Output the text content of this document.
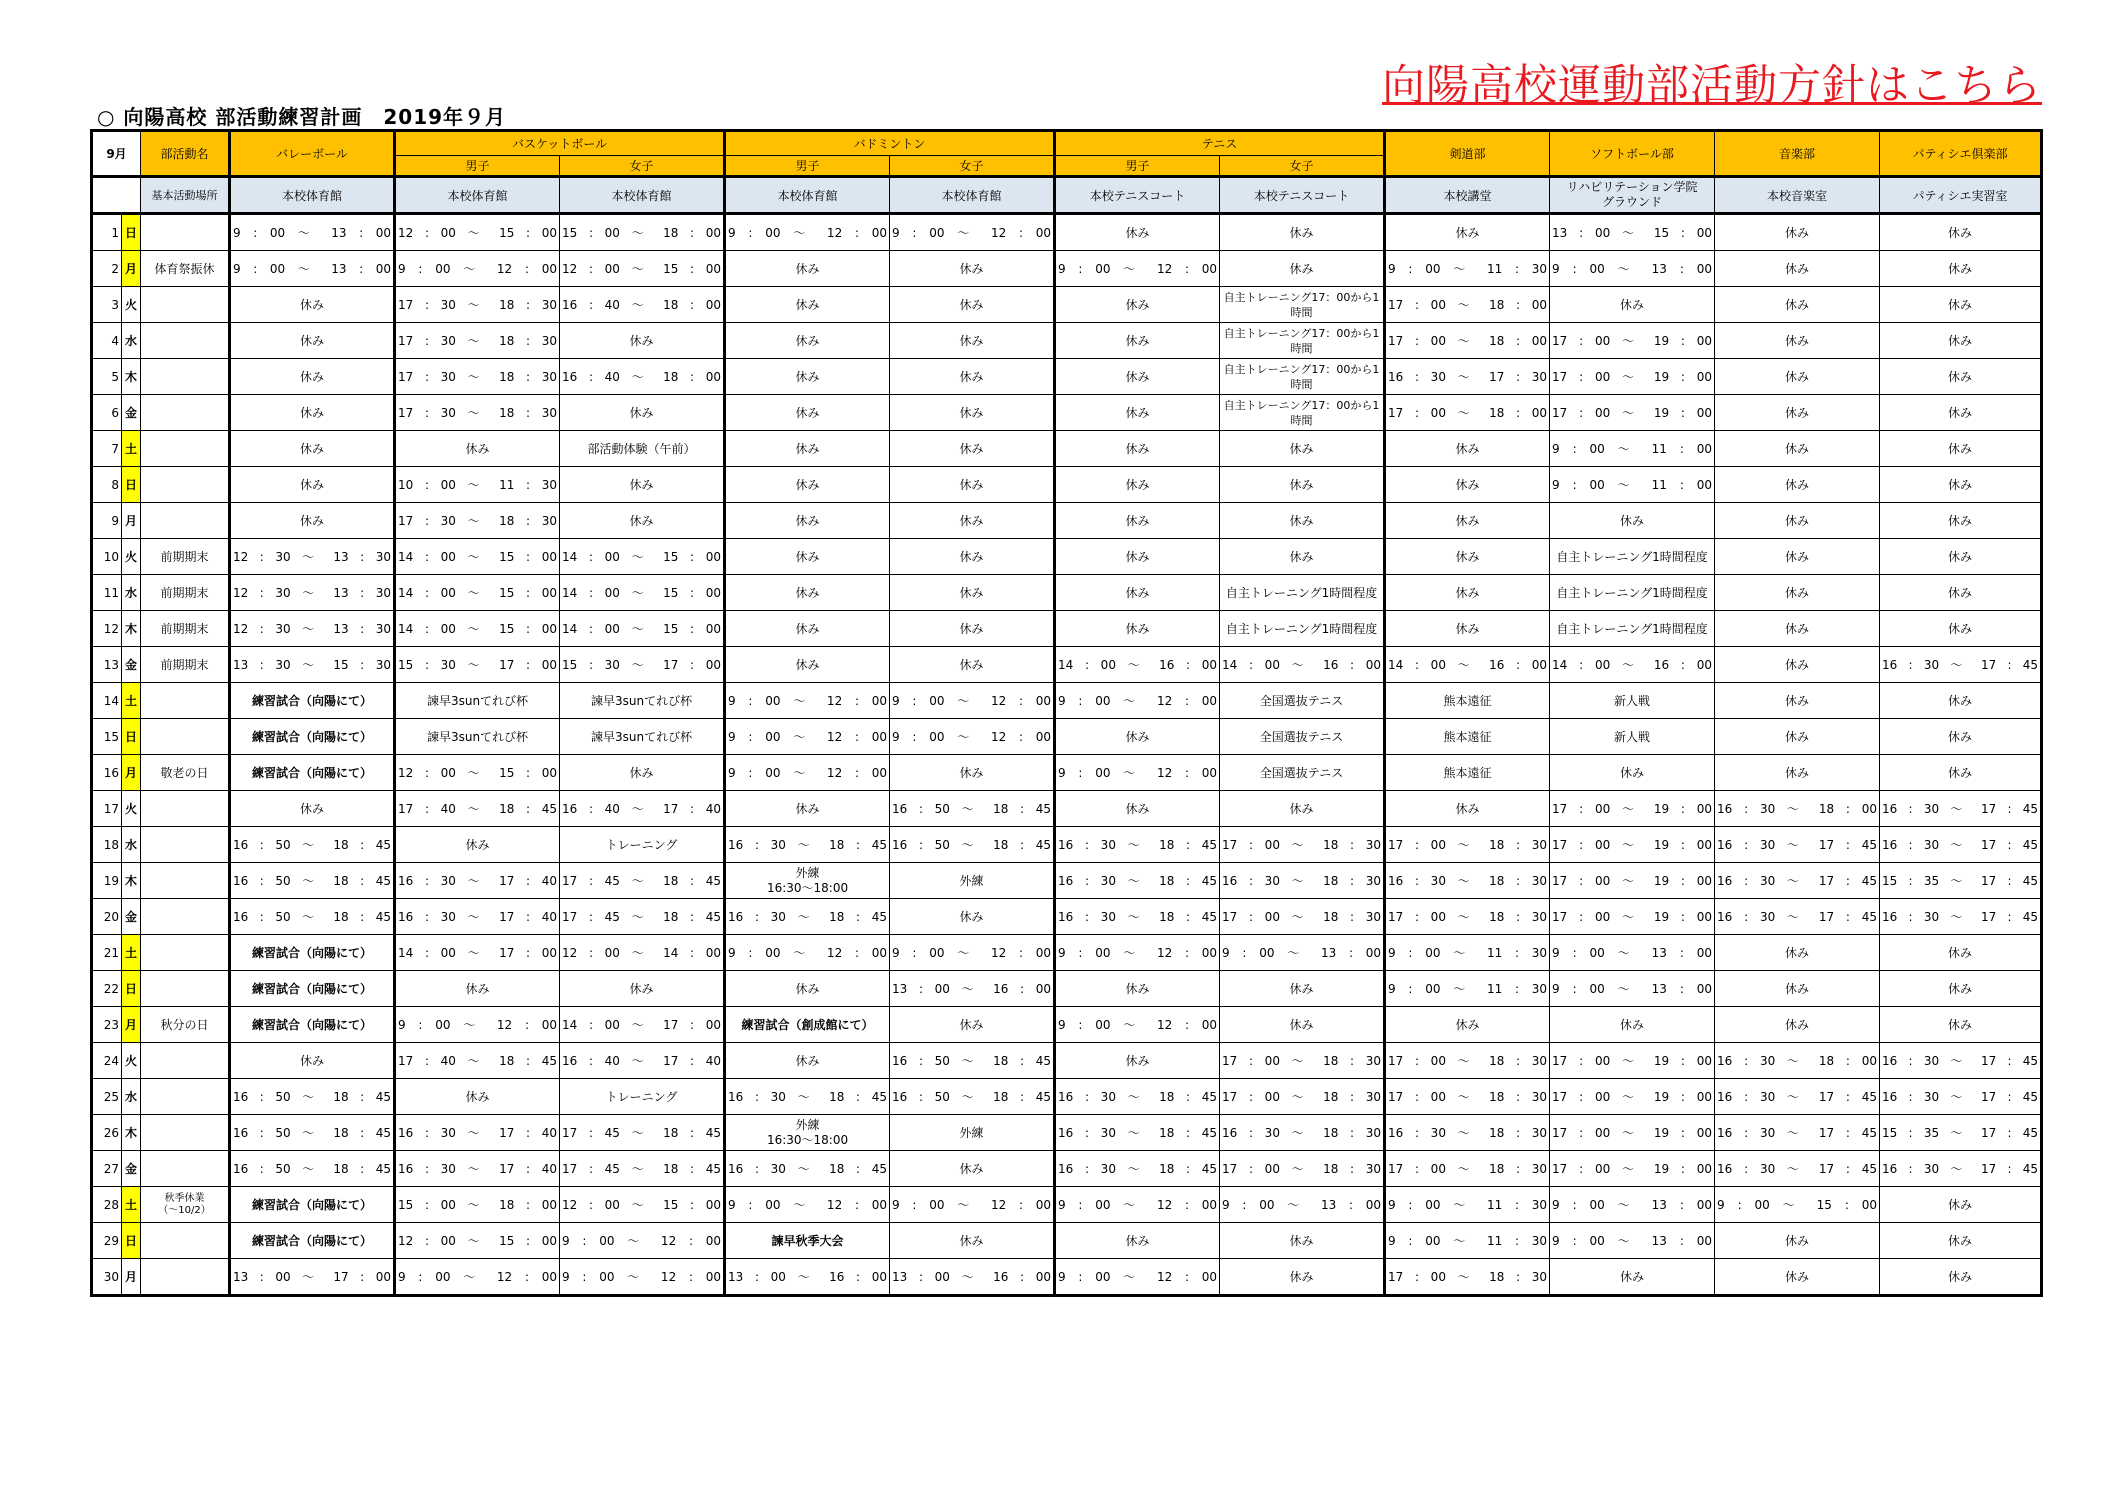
向陽高校運動部活動方針はこちら
○ 向陽高校 部活動練習計画　2019年９月
9月		部活動名	バレーボール	バスケットボール		バドミントン		テニス		剣道部	ソフトボール部	音楽部	パティシエ倶楽部
				男子	女子	男子	女子	男子	女子				
		基本活動場所	本校体育館	本校体育館	本校体育館	本校体育館	本校体育館	本校テニスコート	本校テニスコート	本校講堂	リハビリテーション学院
グラウンド	本校音楽室	パティシエ実習室
1	日		9 : 00 ～ 13 : 00	12 : 00 ～ 15 : 00	15 : 00 ～ 18 : 00	9 : 00 ～ 12 : 00	9 : 00 ～ 12 : 00	休み	休み	休み	13 : 00 ～ 15 : 00	休み	休み
2	月	体育祭振休	9 : 00 ～ 13 : 00	9 : 00 ～ 12 : 00	12 : 00 ～ 15 : 00	休み	休み	9 : 00 ～ 12 : 00	休み	9 : 00 ～ 11 : 30	9 : 00 ～ 13 : 00	休み	休み
3	火		休み	17 : 30 ～ 18 : 30	16 : 40 ～ 18 : 00	休み	休み	休み	自主トレーニング17：00から1時間	17 : 00 ～ 18 : 00	休み	休み	休み
4	水		休み	17 : 30 ～ 18 : 30	休み	休み	休み	休み	自主トレーニング17：00から1時間	17 : 00 ～ 18 : 00	17 : 00 ～ 19 : 00	休み	休み
5	木		休み	17 : 30 ～ 18 : 30	16 : 40 ～ 18 : 00	休み	休み	休み	自主トレーニング17：00から1時間	16 : 30 ～ 17 : 30	17 : 00 ～ 19 : 00	休み	休み
6	金		休み	17 : 30 ～ 18 : 30	休み	休み	休み	休み	自主トレーニング17：00から1時間	17 : 00 ～ 18 : 00	17 : 00 ～ 19 : 00	休み	休み
7	土		休み	休み	部活動体験（午前）	休み	休み	休み	休み	休み	9 : 00 ～ 11 : 00	休み	休み
8	日		休み	10 : 00 ～ 11 : 30	休み	休み	休み	休み	休み	休み	9 : 00 ～ 11 : 00	休み	休み
9	月		休み	17 : 30 ～ 18 : 30	休み	休み	休み	休み	休み	休み	休み	休み	休み
10	火	前期期末	12 : 30 ～ 13 : 30	14 : 00 ～ 15 : 00	14 : 00 ～ 15 : 00	休み	休み	休み	休み	休み	自主トレーニング1時間程度	休み	休み
11	水	前期期末	12 : 30 ～ 13 : 30	14 : 00 ～ 15 : 00	14 : 00 ～ 15 : 00	休み	休み	休み	自主トレーニング1時間程度	休み	自主トレーニング1時間程度	休み	休み
12	木	前期期末	12 : 30 ～ 13 : 30	14 : 00 ～ 15 : 00	14 : 00 ～ 15 : 00	休み	休み	休み	自主トレーニング1時間程度	休み	自主トレーニング1時間程度	休み	休み
13	金	前期期末	13 : 30 ～ 15 : 30	15 : 30 ～ 17 : 00	15 : 30 ～ 17 : 00	休み	休み	14 : 00 ～ 16 : 00	14 : 00 ～ 16 : 00	14 : 00 ～ 16 : 00	14 : 00 ～ 16 : 00	休み	16 : 30 ～ 17 : 45
14	土		練習試合（向陽にて）	諫早3sunてれび杯	諫早3sunてれび杯	9 : 00 ～ 12 : 00	9 : 00 ～ 12 : 00	9 : 00 ～ 12 : 00	全国選抜テニス	熊本遠征	新人戦	休み	休み
15	日		練習試合（向陽にて）	諫早3sunてれび杯	諫早3sunてれび杯	9 : 00 ～ 12 : 00	9 : 00 ～ 12 : 00	休み	全国選抜テニス	熊本遠征	新人戦	休み	休み
16	月	敬老の日	練習試合（向陽にて）	12 : 00 ～ 15 : 00	休み	9 : 00 ～ 12 : 00	休み	9 : 00 ～ 12 : 00	全国選抜テニス	熊本遠征	休み	休み	休み
17	火		休み	17 : 40 ～ 18 : 45	16 : 40 ～ 17 : 40	休み	16 : 50 ～ 18 : 45	休み	休み	休み	17 : 00 ～ 19 : 00	16 : 30 ～ 18 : 00	16 : 30 ～ 17 : 45
18	水		16 : 50 ～ 18 : 45	休み	トレーニング	16 : 30 ～ 18 : 45	16 : 50 ～ 18 : 45	16 : 30 ～ 18 : 45	17 : 00 ～ 18 : 30	17 : 00 ～ 18 : 30	17 : 00 ～ 19 : 00	16 : 30 ～ 17 : 45	16 : 30 ～ 17 : 45
19	木		16 : 50 ～ 18 : 45	16 : 30 ～ 17 : 40	17 : 45 ～ 18 : 45	外練
16:30～18:00	外練	16 : 30 ～ 18 : 45	16 : 30 ～ 18 : 30	16 : 30 ～ 18 : 30	17 : 00 ～ 19 : 00	16 : 30 ～ 17 : 45	15 : 35 ～ 17 : 45
20	金		16 : 50 ～ 18 : 45	16 : 30 ～ 17 : 40	17 : 45 ～ 18 : 45	16 : 30 ～ 18 : 45	休み	16 : 30 ～ 18 : 45	17 : 00 ～ 18 : 30	17 : 00 ～ 18 : 30	17 : 00 ～ 19 : 00	16 : 30 ～ 17 : 45	16 : 30 ～ 17 : 45
21	土		練習試合（向陽にて）	14 : 00 ～ 17 : 00	12 : 00 ～ 14 : 00	9 : 00 ～ 12 : 00	9 : 00 ～ 12 : 00	9 : 00 ～ 12 : 00	9 : 00 ～ 13 : 00	9 : 00 ～ 11 : 30	9 : 00 ～ 13 : 00	休み	休み
22	日		練習試合（向陽にて）	休み	休み	休み	13 : 00 ～ 16 : 00	休み	休み	9 : 00 ～ 11 : 30	9 : 00 ～ 13 : 00	休み	休み
23	月	秋分の日	練習試合（向陽にて）	9 : 00 ～ 12 : 00	14 : 00 ～ 17 : 00	練習試合（創成館にて）	休み	9 : 00 ～ 12 : 00	休み	休み	休み	休み	休み
24	火		休み	17 : 40 ～ 18 : 45	16 : 40 ～ 17 : 40	休み	16 : 50 ～ 18 : 45	休み	17 : 00 ～ 18 : 30	17 : 00 ～ 18 : 30	17 : 00 ～ 19 : 00	16 : 30 ～ 18 : 00	16 : 30 ～ 17 : 45
25	水		16 : 50 ～ 18 : 45	休み	トレーニング	16 : 30 ～ 18 : 45	16 : 50 ～ 18 : 45	16 : 30 ～ 18 : 45	17 : 00 ～ 18 : 30	17 : 00 ～ 18 : 30	17 : 00 ～ 19 : 00	16 : 30 ～ 17 : 45	16 : 30 ～ 17 : 45
26	木		16 : 50 ～ 18 : 45	16 : 30 ～ 17 : 40	17 : 45 ～ 18 : 45	外練
16:30～18:00	外練	16 : 30 ～ 18 : 45	16 : 30 ～ 18 : 30	16 : 30 ～ 18 : 30	17 : 00 ～ 19 : 00	16 : 30 ～ 17 : 45	15 : 35 ～ 17 : 45
27	金		16 : 50 ～ 18 : 45	16 : 30 ～ 17 : 40	17 : 45 ～ 18 : 45	16 : 30 ～ 18 : 45	休み	16 : 30 ～ 18 : 45	17 : 00 ～ 18 : 30	17 : 00 ～ 18 : 30	17 : 00 ～ 19 : 00	16 : 30 ～ 17 : 45	16 : 30 ～ 17 : 45
28	土	秋季休業
（～10/2）	練習試合（向陽にて）	15 : 00 ～ 18 : 00	12 : 00 ～ 15 : 00	9 : 00 ～ 12 : 00	9 : 00 ～ 12 : 00	9 : 00 ～ 12 : 00	9 : 00 ～ 13 : 00	9 : 00 ～ 11 : 30	9 : 00 ～ 13 : 00	9 : 00 ～ 15 : 00	休み
29	日		練習試合（向陽にて）	12 : 00 ～ 15 : 00	9 : 00 ～ 12 : 00	諫早秋季大会	休み	休み	休み	9 : 00 ～ 11 : 30	9 : 00 ～ 13 : 00	休み	休み
30	月		13 : 00 ～ 17 : 00	9 : 00 ～ 12 : 00	9 : 00 ～ 12 : 00	13 : 00 ～ 16 : 00	13 : 00 ～ 16 : 00	9 : 00 ～ 12 : 00	休み	17 : 00 ～ 18 : 30	休み	休み	休み
